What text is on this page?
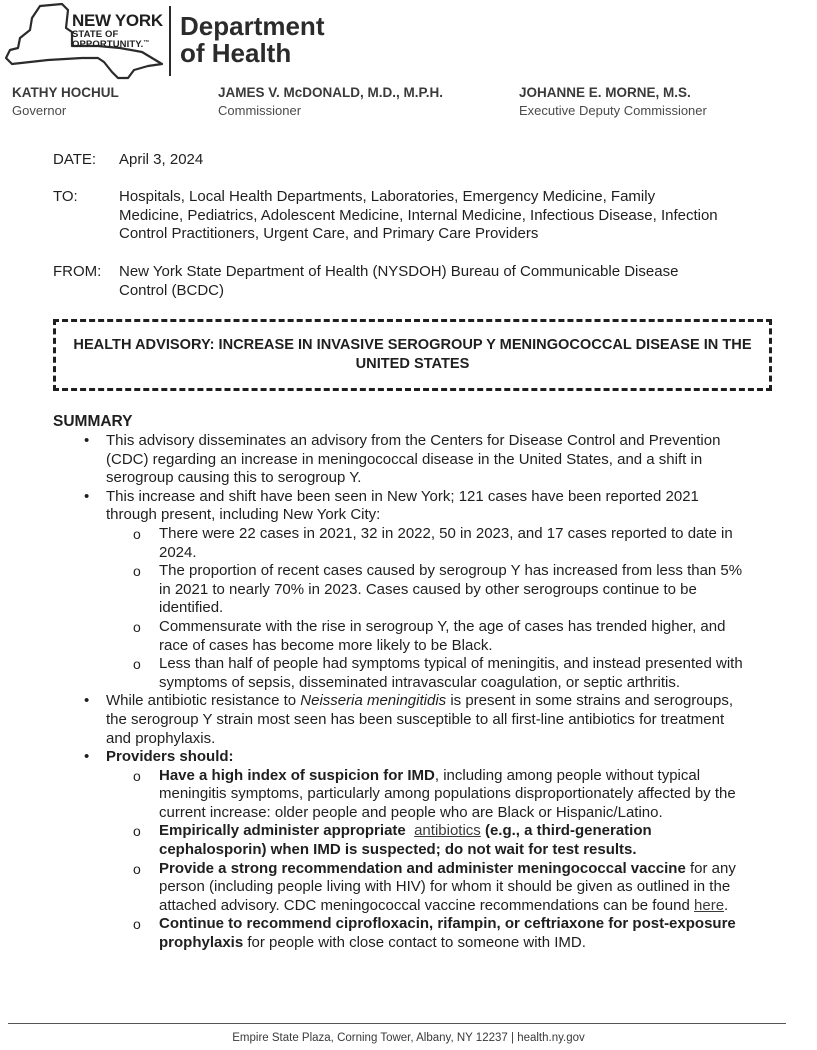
NEW YORK
STATE OF
OPPORTUNITY.™
Department
of Health
KATHY HOCHUL
Governor
JAMES V. McDONALD, M.D., M.P.H.
Commissioner
JOHANNE E. MORNE, M.S.
Executive Deputy Commissioner
DATE: April 3, 2024
TO:	Hospitals, Local Health Departments, Laboratories, Emergency Medicine, Family Medicine, Pediatrics, Adolescent Medicine, Internal Medicine, Infectious Disease, Infection Control Practitioners, Urgent Care, and Primary Care Providers
FROM: New York State Department of Health (NYSDOH) Bureau of Communicable Disease Control (BCDC)
HEALTH ADVISORY: INCREASE IN INVASIVE SEROGROUP Y MENINGOCOCCAL DISEASE IN THE UNITED STATES
SUMMARY

• This advisory disseminates an advisory from the Centers for Disease Control and Prevention (CDC) regarding an increase in meningococcal disease in the United States, and a shift in serogroup causing this to serogroup Y.

• This increase and shift have been seen in New York; 121 cases have been reported 2021 through present, including New York City:

o There were 22 cases in 2021, 32 in 2022, 50 in 2023, and 17 cases reported to date in 2024.

o The proportion of recent cases caused by serogroup Y has increased from less than 5% in 2021 to nearly 70% in 2023. Cases caused by other serogroups continue to be identified.

o Commensurate with the rise in serogroup Y, the age of cases has trended higher, and race of cases has become more likely to be Black.

o Less than half of people had symptoms typical of meningitis, and instead presented with symptoms of sepsis, disseminated intravascular coagulation, or septic arthritis.

• While antibiotic resistance to Neisseria meningitidis is present in some strains and serogroups, the serogroup Y strain most seen has been susceptible to all first-line antibiotics for treatment and prophylaxis.

• Providers should:

o Have a high index of suspicion for IMD, including among people without typical meningitis symptoms, particularly among populations disproportionately affected by the current increase: older people and people who are Black or Hispanic/Latino.

o Empirically administer appropriate antibiotics (e.g., a third-generation cephalosporin) when IMD is suspected; do not wait for test results.

o Provide a strong recommendation and administer meningococcal vaccine for any person (including people living with HIV) for whom it should be given as outlined in the attached advisory. CDC meningococcal vaccine recommendations can be found here.

o Continue to recommend ciprofloxacin, rifampin, or ceftriaxone for post-exposure prophylaxis for people with close contact to someone with IMD.

Empire State Plaza, Corning Tower, Albany, NY 12237 | health.ny.gov
